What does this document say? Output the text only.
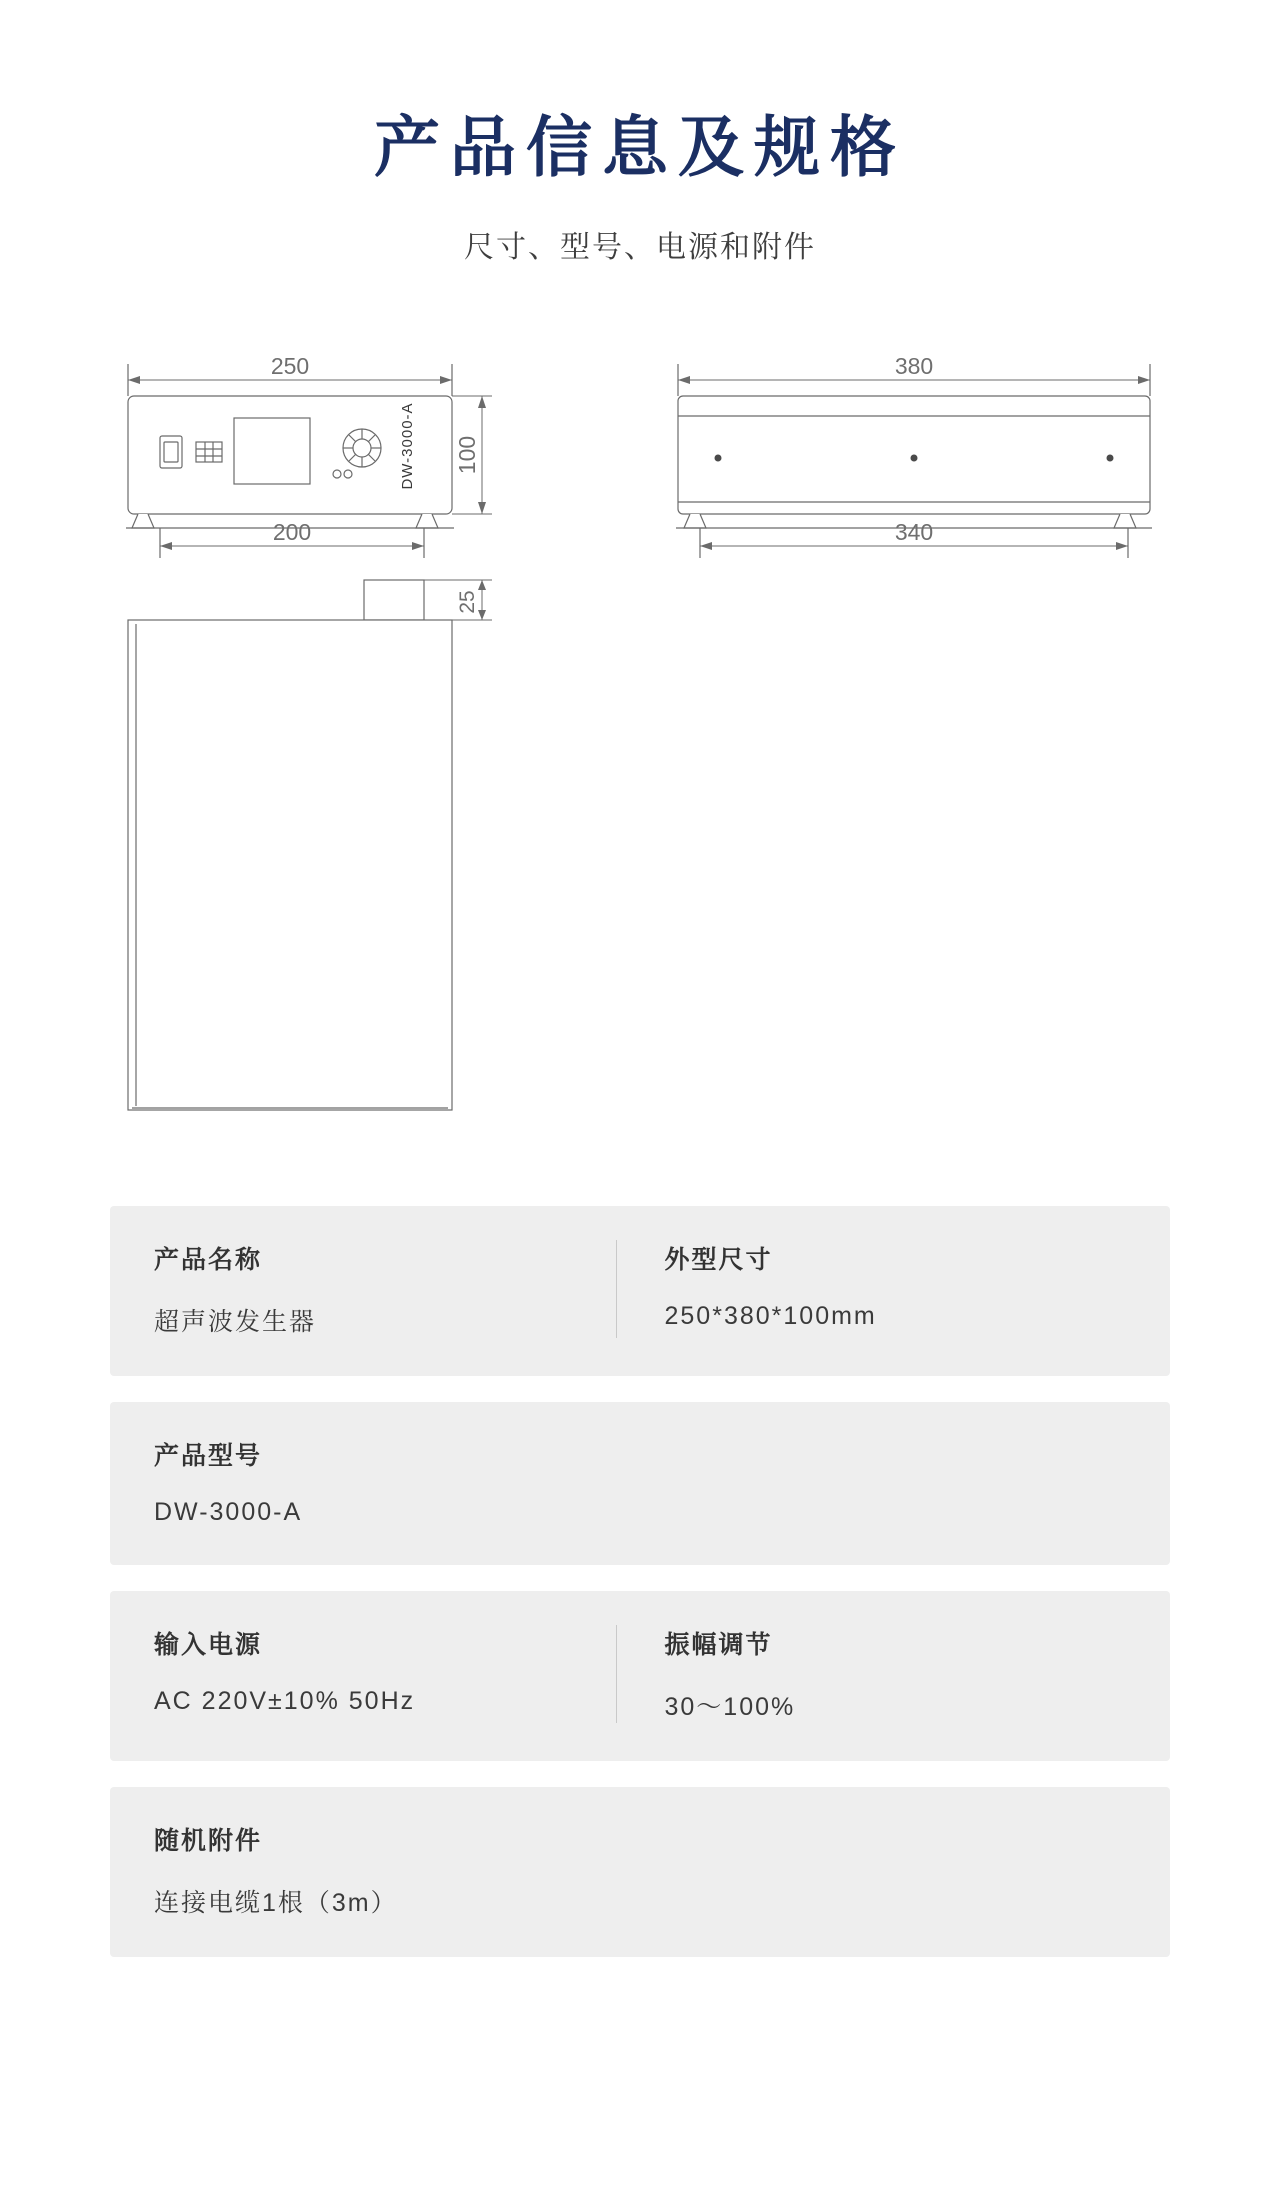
产品信息及规格
尺寸、型号、电源和附件
250
200
100
DW-3000-A
380
340
25
产品名称
超声波发生器
外型尺寸
250*380*100mm
产品型号
DW-3000-A
输入电源
AC 220V±10% 50Hz
振幅调节
30～100%
随机附件
连接电缆1根（3m）
